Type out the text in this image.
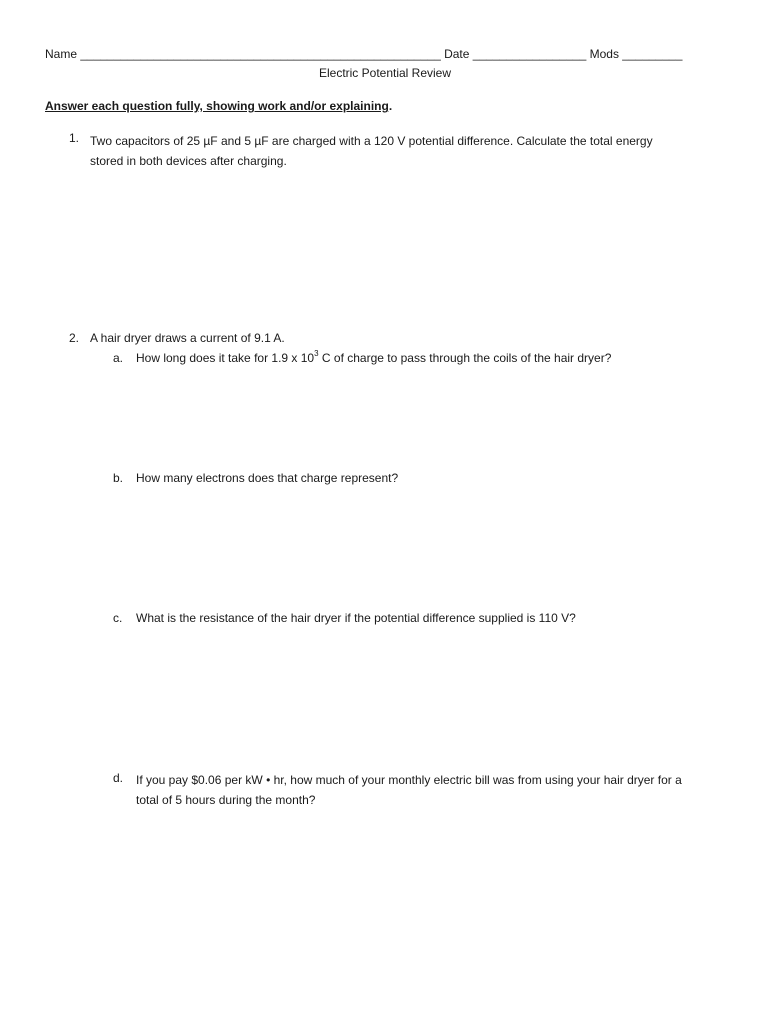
Name ______________________________________________________ Date _________________ Mods _________
Electric Potential Review
Answer each question fully, showing work and/or explaining.
1. Two capacitors of 25 µF and 5 µF are charged with a 120 V potential difference. Calculate the total energy
stored in both devices after charging.
2. A hair dryer draws a current of 9.1 A.
a. How long does it take for 1.9 x $10^3$ C of charge to pass through the coils of the hair dryer?
b. How many electrons does that charge represent?
c. What is the resistance of the hair dryer if the potential difference supplied is 110 V?
d. If you pay $0.06 per kW • hr, how much of your monthly electric bill was from using your hair dryer for a
total of 5 hours during the month?
